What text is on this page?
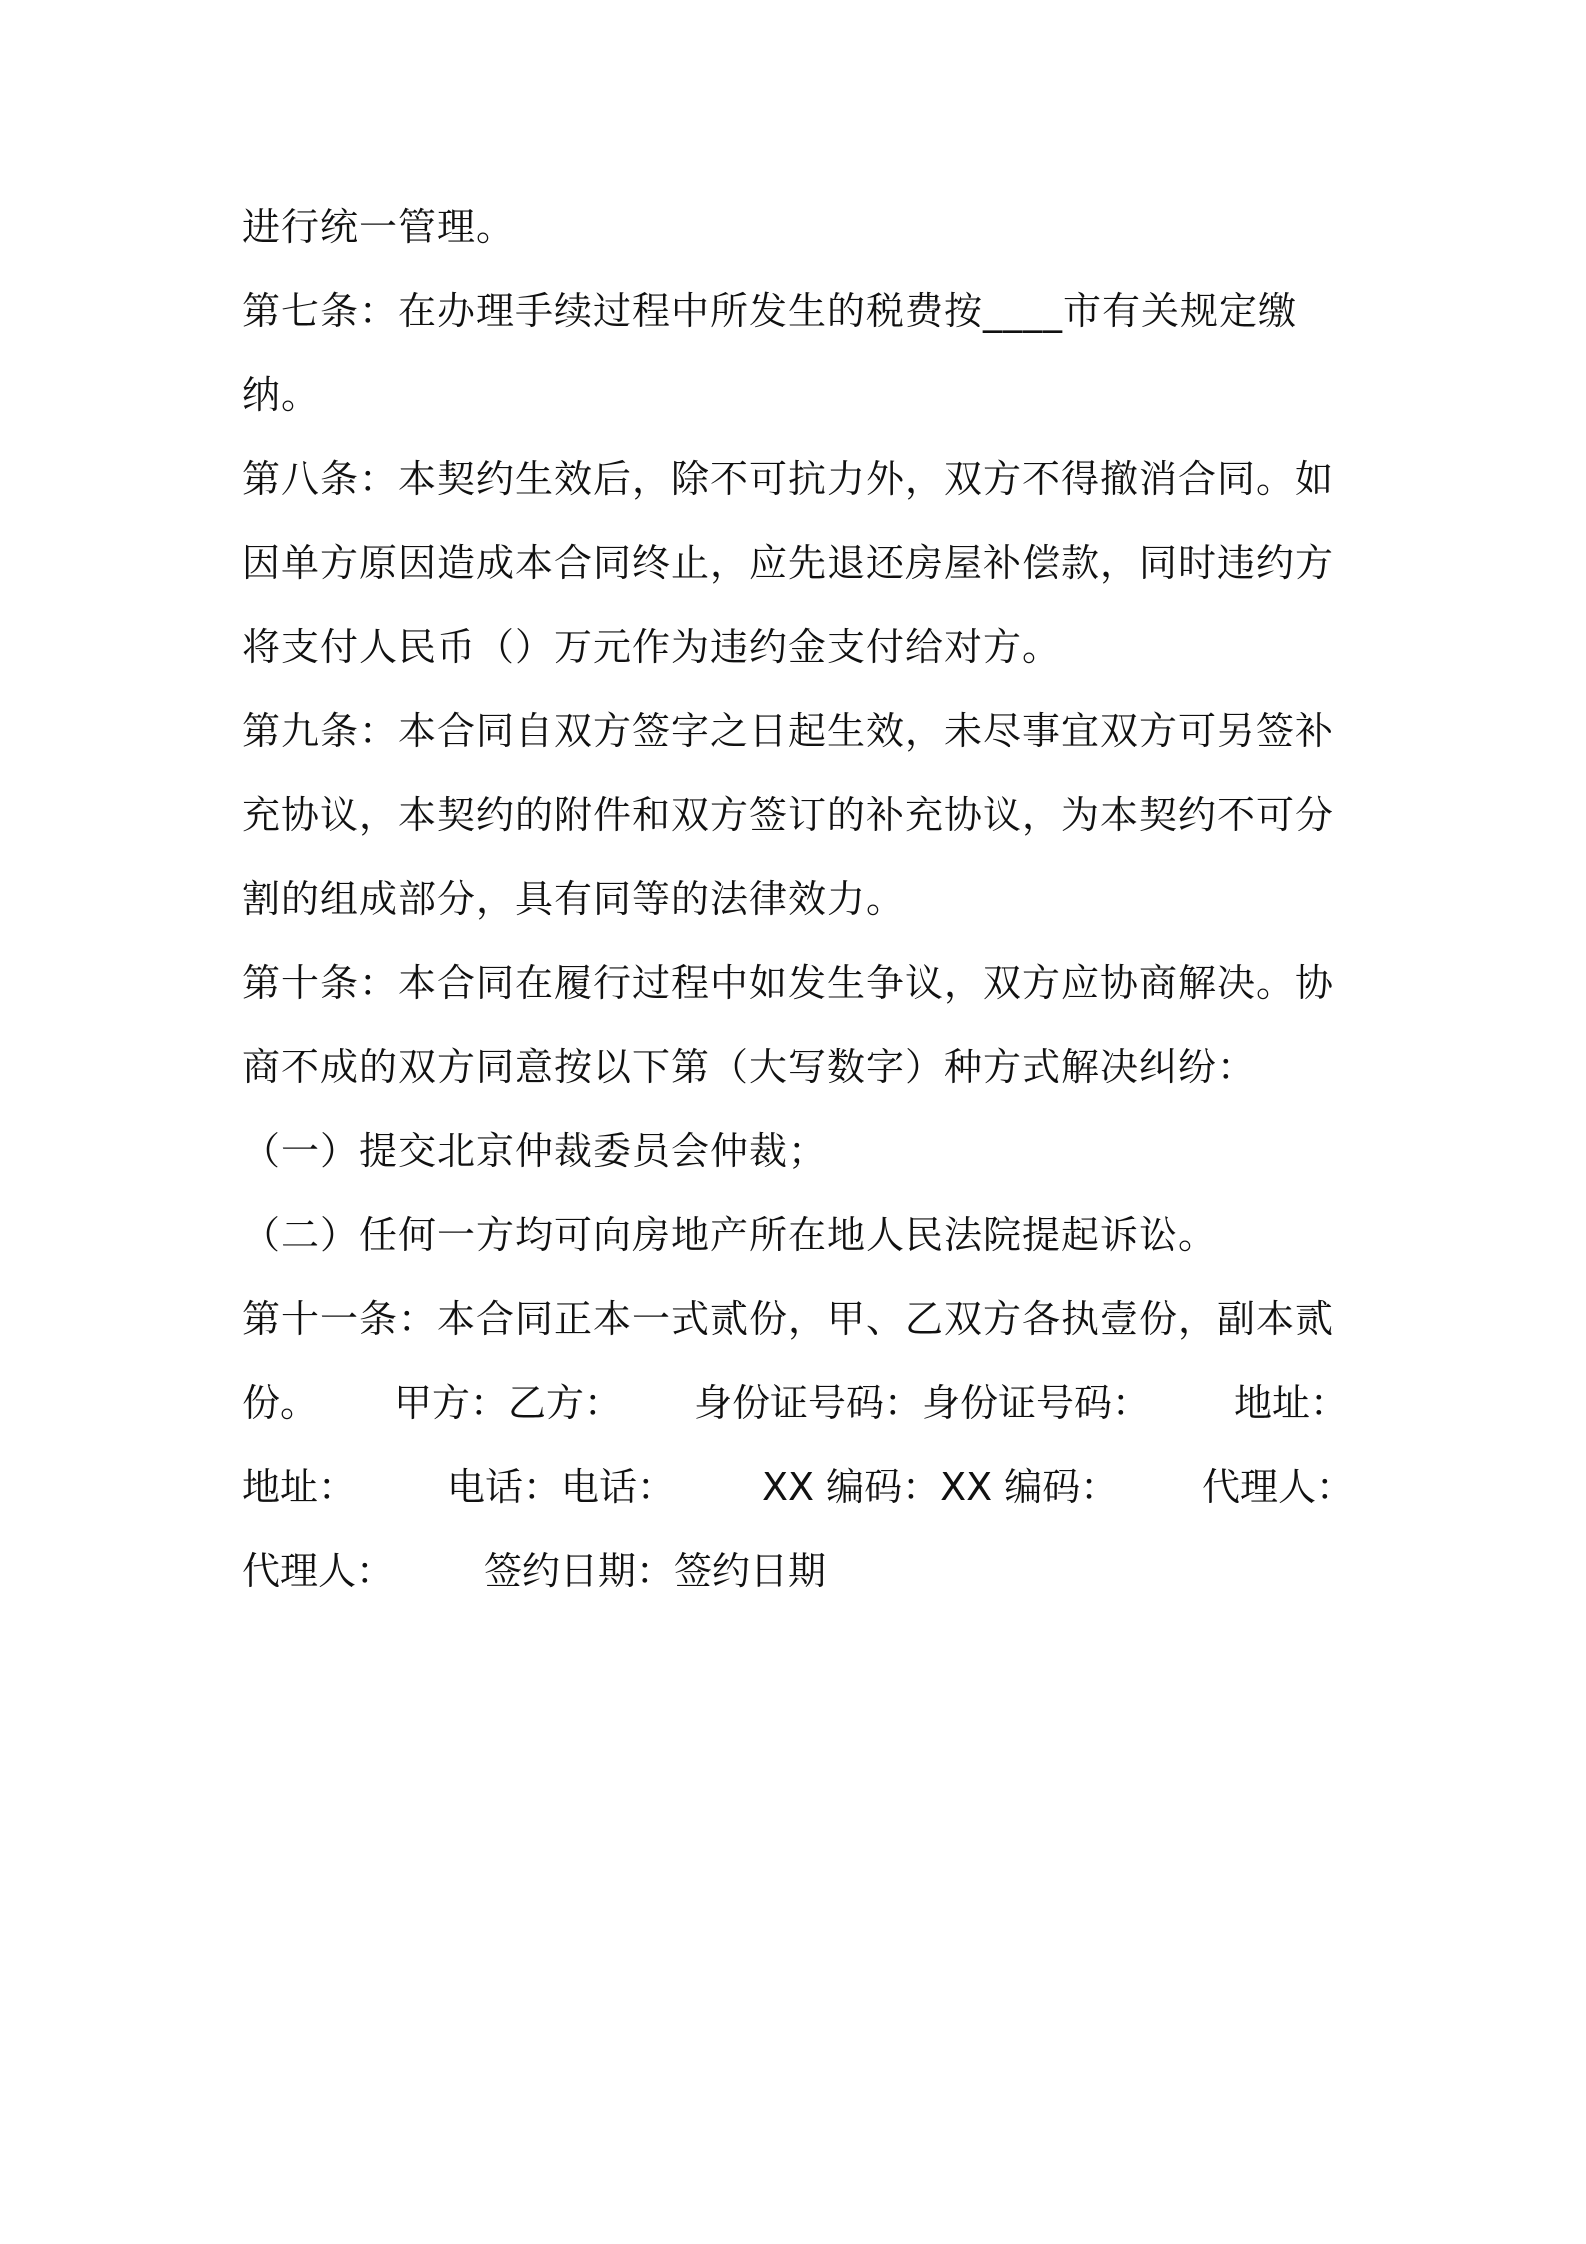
进行统一管理。
第七条：在办理手续过程中所发生的税费按____市有关规定缴
纳。
第八条：本契约生效后，除不可抗力外，双方不得撤消合同。如
因单方原因造成本合同终止，应先退还房屋补偿款，同时违约方
将支付人民币（）万元作为违约金支付给对方。
第九条：本合同自双方签字之日起生效，未尽事宜双方可另签补
充协议，本契约的附件和双方签订的补充协议，为本契约不可分
割的组成部分，具有同等的法律效力。
第十条：本合同在履行过程中如发生争议，双方应协商解决。协
商不成的双方同意按以下第（大写数字）种方式解决纠纷：
（一）提交北京仲裁委员会仲裁；
（二）任何一方均可向房地产所在地人民法院提起诉讼。
第十一条：本合同正本一式贰份，甲、乙双方各执壹份，副本贰

份。

甲方：乙方：

身份证号码：身份证号码：

地址：

地址：

电话：电话：

XX 编码：XX 编码：

代理人：

代理人：

签约日期：签约日期
